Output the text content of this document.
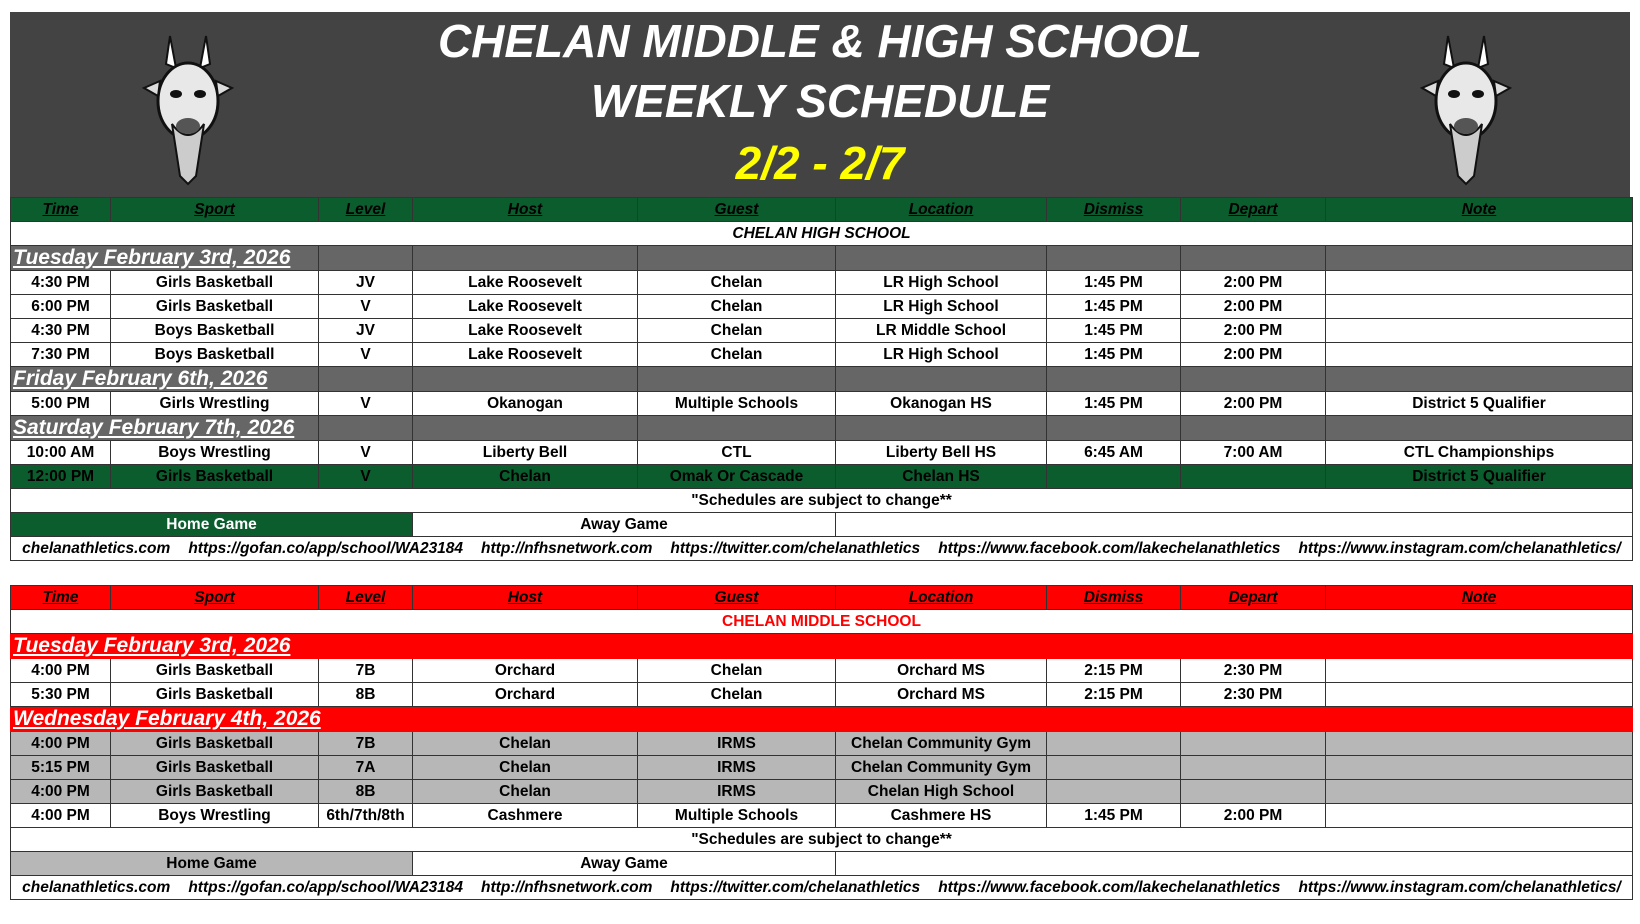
CHELAN MIDDLE & HIGH SCHOOL
WEEKLY SCHEDULE
2/2 - 2/7
Time	Sport	Level	Host	Guest	Location	Dismiss	Depart	Note
CHELAN HIGH SCHOOL								
Tuesday February 3rd, 2026								
4:30 PM	Girls Basketball	JV	Lake Roosevelt	Chelan	LR High School	1:45 PM	2:00 PM	
6:00 PM	Girls Basketball	V	Lake Roosevelt	Chelan	LR High School	1:45 PM	2:00 PM	
4:30 PM	Boys Basketball	JV	Lake Roosevelt	Chelan	LR Middle School	1:45 PM	2:00 PM	
7:30 PM	Boys Basketball	V	Lake Roosevelt	Chelan	LR High School	1:45 PM	2:00 PM	
Friday February 6th, 2026								
5:00 PM	Girls Wrestling	V	Okanogan	Multiple Schools	Okanogan HS	1:45 PM	2:00 PM	District 5 Qualifier
Saturday February 7th, 2026								
10:00 AM	Boys Wrestling	V	Liberty Bell	CTL	Liberty Bell HS	6:45 AM	7:00 AM	CTL Championships
12:00 PM	Girls Basketball	V	Chelan	Omak Or Cascade	Chelan HS			District 5 Qualifier
"Schedules are subject to change**								
Home Game			Away Game					
chelanathletics.com https://gofan.co/app/school/WA23184 http://nfhsnetwork.com https://twitter.com/chelanathletics https://www.facebook.com/lakechelanathletics https://www.instagram.com/chelanathletics/								
Time	Sport	Level	Host	Guest	Location	Dismiss	Depart	Note
CHELAN MIDDLE SCHOOL								
Tuesday February 3rd, 2026								
4:00 PM	Girls Basketball	7B	Orchard	Chelan	Orchard MS	2:15 PM	2:30 PM	
5:30 PM	Girls Basketball	8B	Orchard	Chelan	Orchard MS	2:15 PM	2:30 PM	
Wednesday February 4th, 2026								
4:00 PM	Girls Basketball	7B	Chelan	IRMS	Chelan Community Gym			
5:15 PM	Girls Basketball	7A	Chelan	IRMS	Chelan Community Gym			
4:00 PM	Girls Basketball	8B	Chelan	IRMS	Chelan High School			
4:00 PM	Boys Wrestling	6th/7th/8th	Cashmere	Multiple Schools	Cashmere HS	1:45 PM	2:00 PM	
"Schedules are subject to change**								
Home Game			Away Game					
chelanathletics.com https://gofan.co/app/school/WA23184 http://nfhsnetwork.com https://twitter.com/chelanathletics https://www.facebook.com/lakechelanathletics https://www.instagram.com/chelanathletics/								
